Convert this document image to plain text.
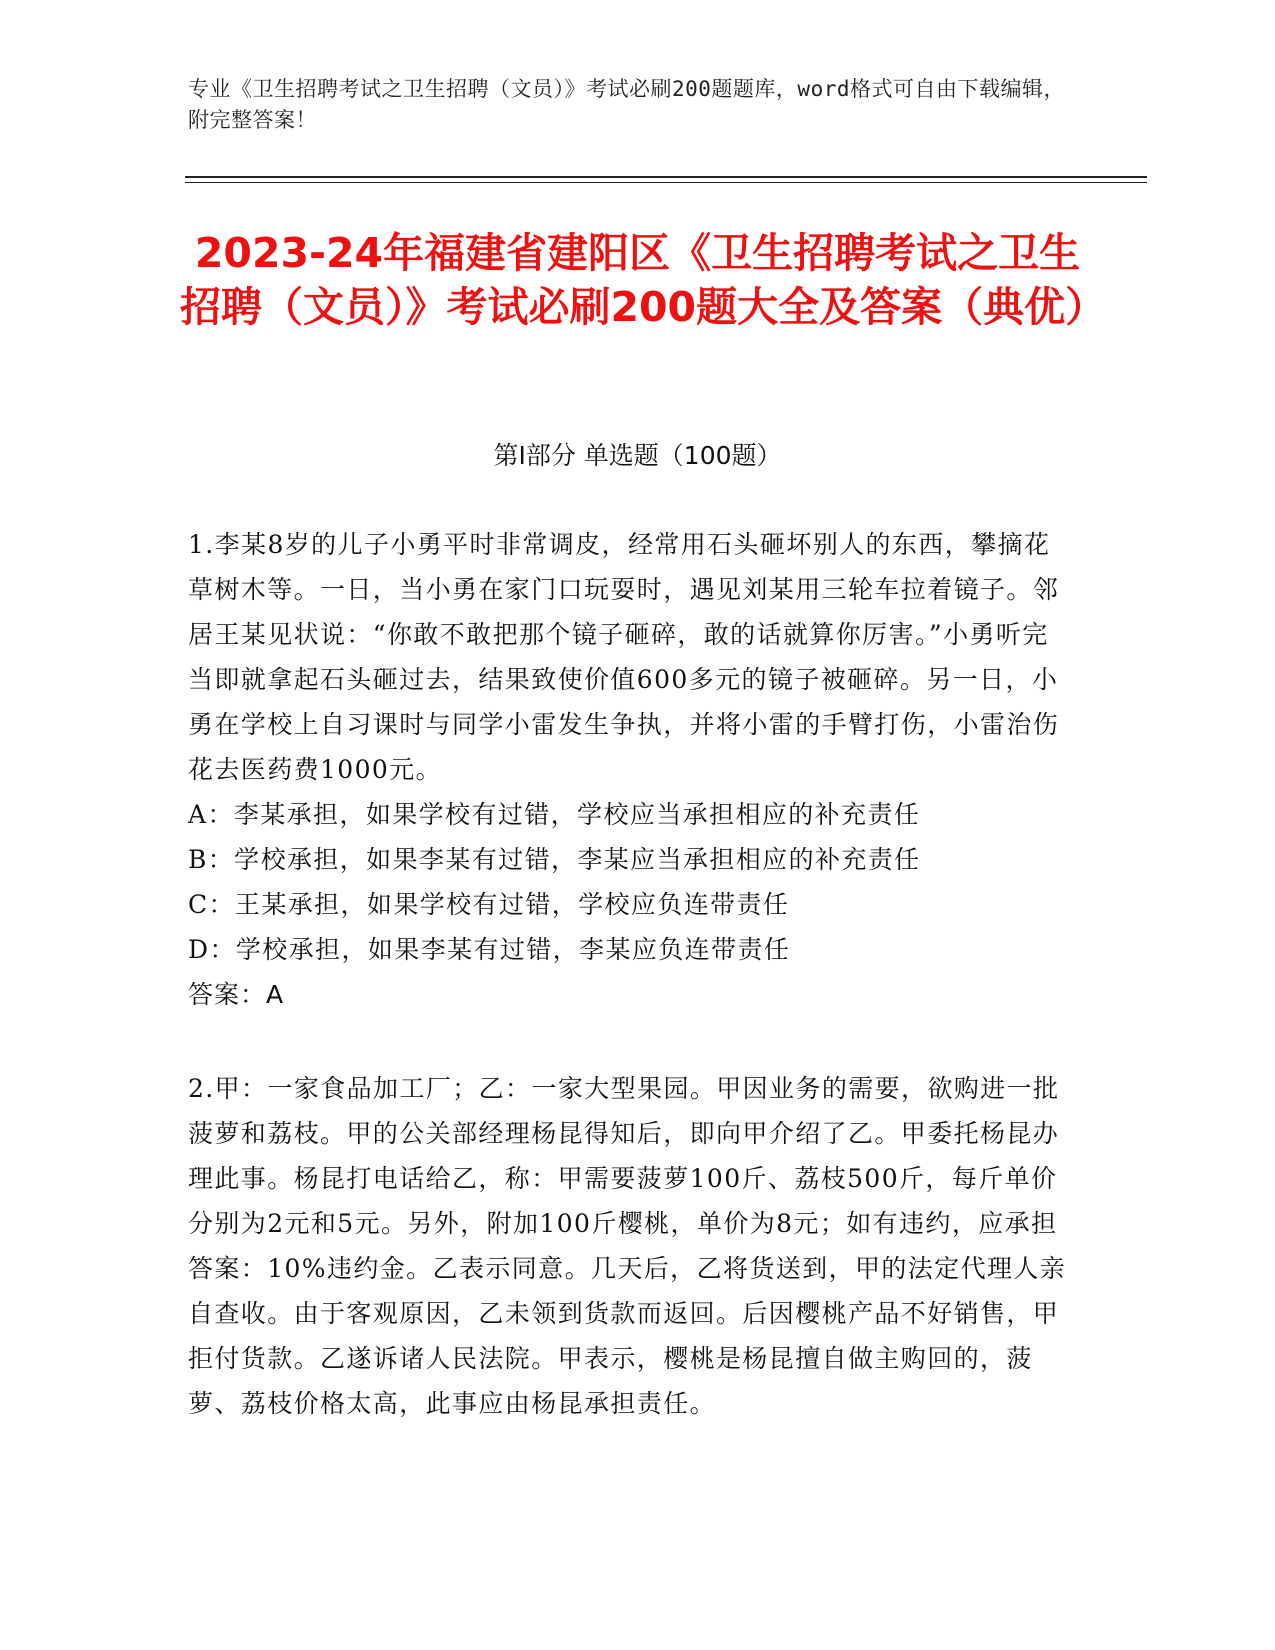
专业《卫生招聘考试之卫生招聘（文员）》考试必刷200题题库，word格式可自由下载编辑，附完整答案！
2023-24年福建省建阳区《卫生招聘考试之卫生招聘（文员）》考试必刷200题大全及答案（典优）
第Ⅰ部分 单选题（100题）
1.李某8岁的儿子小勇平时非常调皮，经常用石头砸坏别人的东西，攀摘花草树木等。一日，当小勇在家门口玩耍时，遇见刘某用三轮车拉着镜子。邻居王某见状说：“你敢不敢把那个镜子砸碎，敢的话就算你厉害。”小勇听完当即就拿起石头砸过去，结果致使价值600多元的镜子被砸碎。另一日，小勇在学校上自习课时与同学小雷发生争执，并将小雷的手臂打伤，小雷治伤花去医药费1000元。
A：李某承担，如果学校有过错，学校应当承担相应的补充责任
B：学校承担，如果李某有过错，李某应当承担相应的补充责任
C：王某承担，如果学校有过错，学校应负连带责任
D：学校承担，如果李某有过错，李某应负连带责任
答案：A
2.甲：一家食品加工厂；乙：一家大型果园。甲因业务的需要，欲购进一批菠萝和荔枝。甲的公关部经理杨昆得知后，即向甲介绍了乙。甲委托杨昆办理此事。杨昆打电话给乙，称：甲需要菠萝100斤、荔枝500斤，每斤单价分别为2元和5元。另外，附加100斤樱桃，单价为8元；如有违约，应承担答案：10%违约金。乙表示同意。几天后，乙将货送到，甲的法定代理人亲自查收。由于客观原因，乙未领到货款而返回。后因樱桃产品不好销售，甲拒付货款。乙遂诉诸人民法院。甲表示，樱桃是杨昆擅自做主购回的，菠萝、荔枝价格太高，此事应由杨昆承担责任。
